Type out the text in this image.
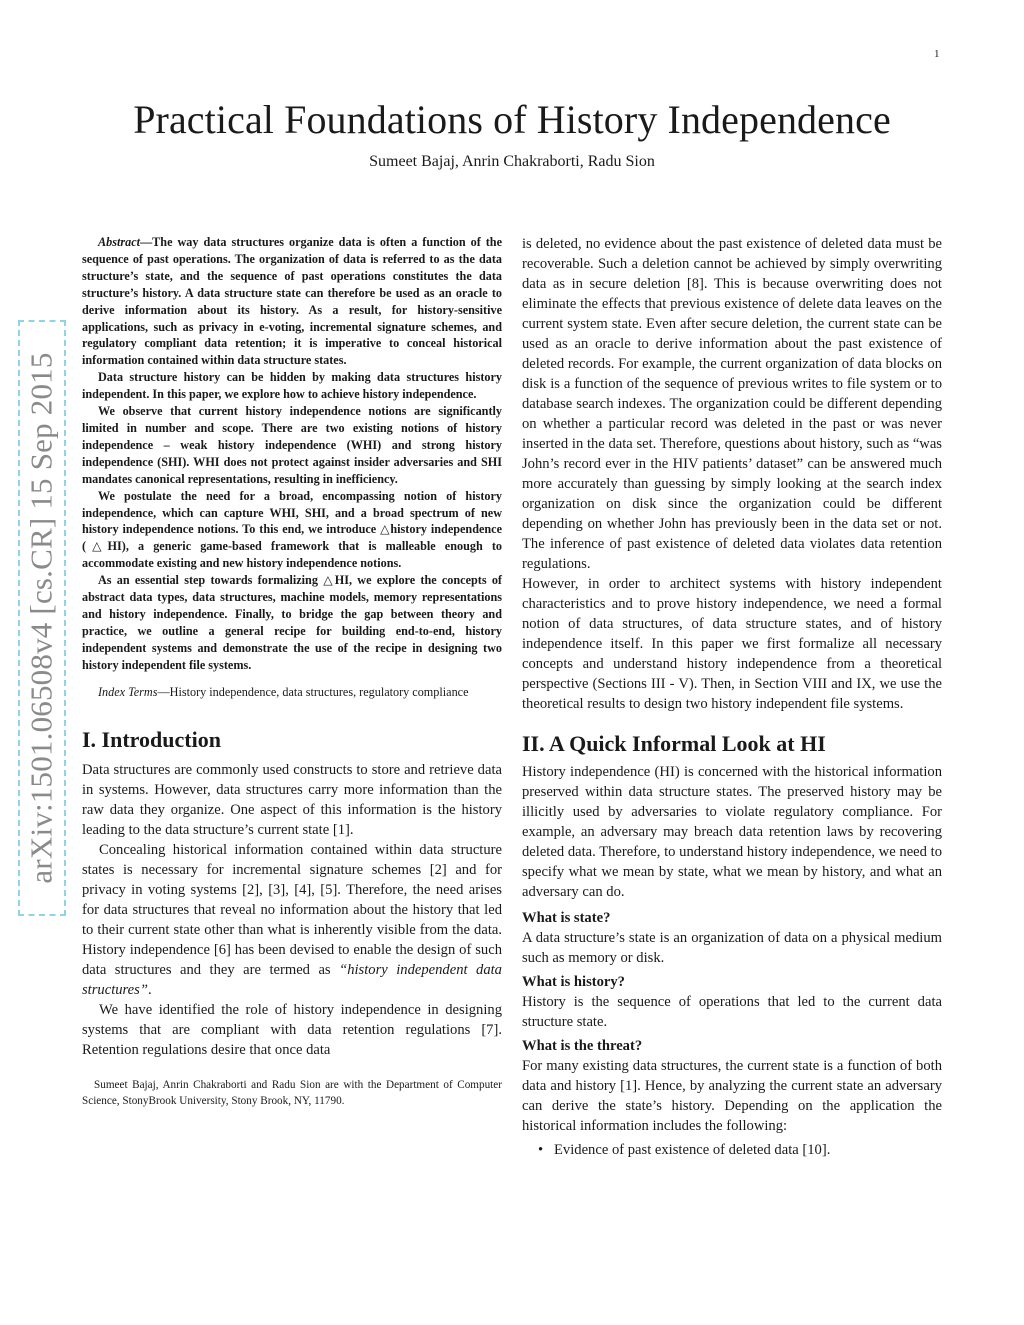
1
Practical Foundations of History Independence
Sumeet Bajaj, Anrin Chakraborti, Radu Sion
arXiv:1501.06508v4 [cs.CR] 15 Sep 2015

Abstract—The way data structures organize data is often a function of the sequence of past operations. The organization of data is referred to as the data structure’s state, and the sequence of past operations constitutes the data structure’s history. A data structure state can therefore be used as an oracle to derive information about its history. As a result, for history-sensitive applications, such as privacy in e-voting, incremental signature schemes, and regulatory compliant data retention; it is imperative to conceal historical information contained within data structure states.

Data structure history can be hidden by making data structures history independent. In this paper, we explore how to achieve history independence.

We observe that current history independence notions are significantly limited in number and scope. There are two existing notions of history independence – weak history independence (WHI) and strong history independence (SHI). WHI does not protect against insider adversaries and SHI mandates canonical representations, resulting in inefficiency.

We postulate the need for a broad, encompassing notion of history independence, which can capture WHI, SHI, and a broad spectrum of new history independence notions. To this end, we introduce △history independence (△HI), a generic game-based framework that is malleable enough to accommodate existing and new history independence notions.

As an essential step towards formalizing △HI, we explore the concepts of abstract data types, data structures, machine models, memory representations and history independence. Finally, to bridge the gap between theory and practice, we outline a general recipe for building end-to-end, history independent systems and demonstrate the use of the recipe in designing two history independent file systems.

Index Terms—History independence, data structures, regulatory compliance

I. Introduction

Data structures are commonly used constructs to store and retrieve data in systems. However, data structures carry more information than the raw data they organize. One aspect of this information is the history leading to the data structure’s current state [1].

Concealing historical information contained within data structure states is necessary for incremental signature schemes [2] and for privacy in voting systems [2], [3], [4], [5]. Therefore, the need arises for data structures that reveal no information about the history that led to their current state other than what is inherently visible from the data. History independence [6] has been devised to enable the design of such data structures and they are termed as “history independent data structures”.

We have identified the role of history independence in designing systems that are compliant with data retention regulations [7]. Retention regulations desire that once data

Sumeet Bajaj, Anrin Chakraborti and Radu Sion are with the Department of Computer Science, StonyBrook University, Stony Brook, NY, 11790.

is deleted, no evidence about the past existence of deleted data must be recoverable. Such a deletion cannot be achieved by simply overwriting data as in secure deletion [8]. This is because overwriting does not eliminate the effects that previous existence of delete data leaves on the current system state. Even after secure deletion, the current state can be used as an oracle to derive information about the past existence of deleted records. For example, the current organization of data blocks on disk is a function of the sequence of previous writes to file system or to database search indexes. The organization could be different depending on whether a particular record was deleted in the past or was never inserted in the data set. Therefore, questions about history, such as “was John’s record ever in the HIV patients’ dataset” can be answered much more accurately than guessing by simply looking at the search index organization on disk since the organization could be different depending on whether John has previously been in the data set or not. The inference of past existence of deleted data violates data retention regulations.

However, in order to architect systems with history independent characteristics and to prove history independence, we need a formal notion of data structures, of data structure states, and of history independence itself. In this paper we first formalize all necessary concepts and understand history independence from a theoretical perspective (Sections III - V). Then, in Section VIII and IX, we use the theoretical results to design two history independent file systems.

II. A Quick Informal Look at HI

History independence (HI) is concerned with the historical information preserved within data structure states. The preserved history may be illicitly used by adversaries to violate regulatory compliance. For example, an adversary may breach data retention laws by recovering deleted data. Therefore, to understand history independence, we need to specify what we mean by state, what we mean by history, and what an adversary can do.

What is state?

A data structure’s state is an organization of data on a physical medium such as memory or disk.

What is history?

History is the sequence of operations that led to the current data structure state.

What is the threat?

For many existing data structures, the current state is a function of both data and history [1]. Hence, by analyzing the current state an adversary can derive the state’s history. Depending on the application the historical information includes the following:

• Evidence of past existence of deleted data [10].
